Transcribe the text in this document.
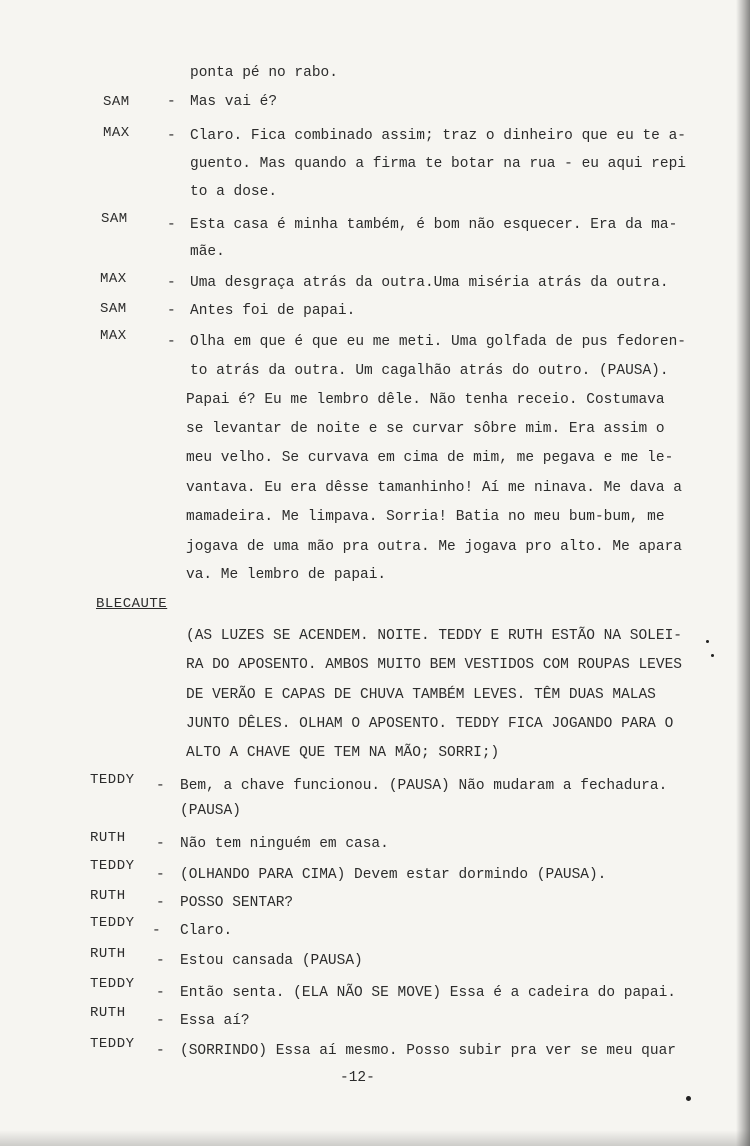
ponta pé no rabo.
SAM	- Mas vai é?
MAX	- Claro. Fica combinado assim; traz o dinheiro que eu te a-
guento. Mas quando a firma te botar na rua - eu aqui repi
to a dose.
SAM	- Esta casa é minha também, é bom não esquecer. Era da ma-
mãe.
MAX	- Uma desgraça atrás da outra.Uma miséria atrás da outra.
SAM	- Antes foi de papai.
MAX	- Olha em que é que eu me meti. Uma golfada de pus fedoren-
to atrás da outra. Um cagalhão atrás do outro. (PAUSA).
Papai é? Eu me lembro dêle. Não tenha receio. Costumava
se levantar de noite e se curvar sôbre mim. Era assim o
meu velho. Se curvava em cima de mim, me pegava e me le-
vantava. Eu era dêsse tamanhinho! Aí me ninava. Me dava a
mamadeira. Me limpava. Sorria! Batia no meu bum-bum, me
jogava de uma mão pra outra. Me jogava pro alto. Me apara
va. Me lembro de papai.
BLECAUTE
(AS LUZES SE ACENDEM. NOITE. TEDDY E RUTH ESTÃO NA SOLEI-
RA DO APOSENTO. AMBOS MUITO BEM VESTIDOS COM ROUPAS LEVES
DE VERÃO E CAPAS DE CHUVA TAMBÉM LEVES. TÊM DUAS MALAS
JUNTO DÊLES. OLHAM O APOSENTO. TEDDY FICA JOGANDO PARA O
ALTO A CHAVE QUE TEM NA MÃO; SORRI;)
TEDDY - Bem, a chave funcionou. (PAUSA) Não mudaram a fechadura.
(PAUSA)
RUTH - Não tem ninguém em casa.
TEDDY
- (OLHANDO PARA CIMA) Devem estar dormindo (PAUSA).
RUTH - POSSO SENTAR?
TEDDY - Claro.
RUTH - Estou cansada (PAUSA)
TEDDY
- Então senta. (ELA NÃO SE MOVE) Essa é a cadeira do papai.
RUTH - Essa aí?
TEDDY - (SORRINDO) Essa aí mesmo. Posso subir pra ver se meu quar
-12-
